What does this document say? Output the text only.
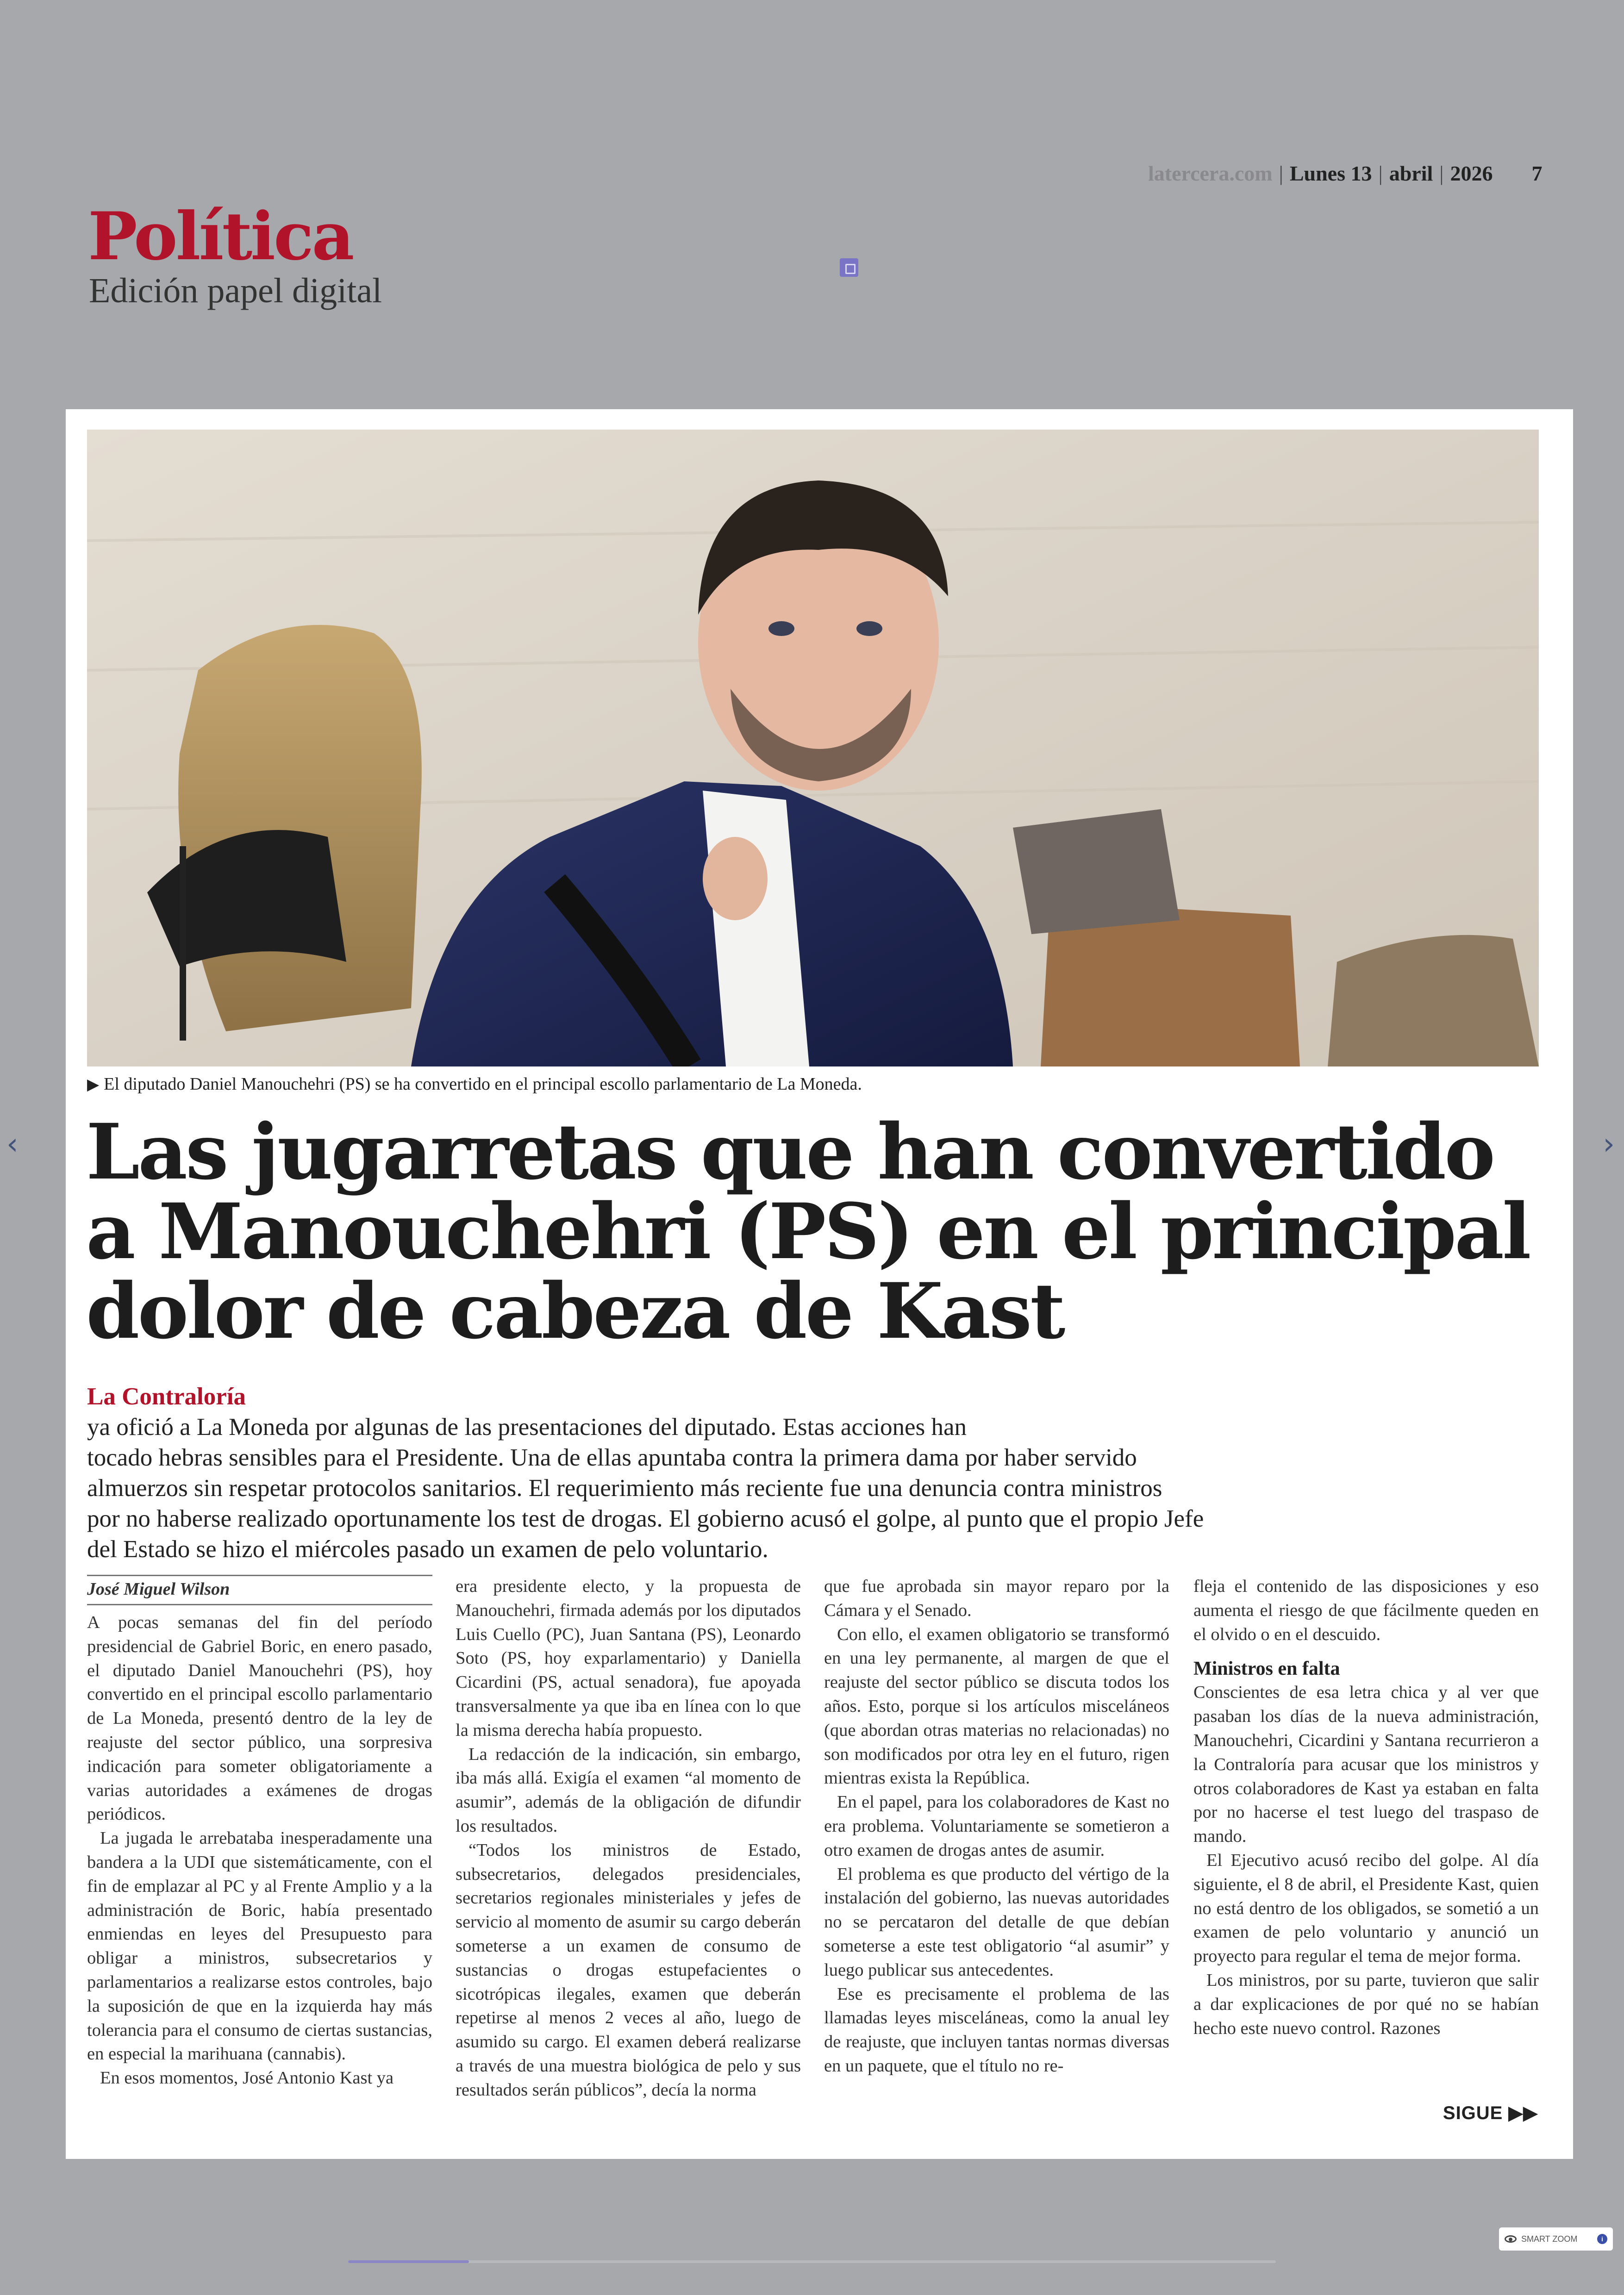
latercera.com | Lunes 13 | abril | 2026 7
Política
Edición papel digital
‹	›
▶ El diputado Daniel Manouchehri (PS) se ha convertido en el principal escollo parlamentario de La Moneda.
Las jugarretas que han convertido
a Manouchehri (PS) en el principal
dolor de cabeza de Kast
La Contraloría
ya ofició a La Moneda por algunas de las presentaciones del diputado. Estas acciones han
tocado hebras sensibles para el Presidente. Una de ellas apuntaba contra la primera dama por haber servido
almuerzos sin respetar protocolos sanitarios. El requerimiento más reciente fue una denuncia contra ministros
por no haberse realizado oportunamente los test de drogas. El gobierno acusó el golpe, al punto que el propio Jefe
del Estado se hizo el miércoles pasado un examen de pelo voluntario.
José Miguel Wilson

A pocas semanas del fin del período presidencial de Gabriel Boric, en enero pasado, el diputado Daniel Manouchehri (PS), hoy convertido en el principal escollo parlamentario de La Moneda, presentó dentro de la ley de reajuste del sector público, una sorpresiva indicación para someter obligatoriamente a varias autoridades a exámenes de drogas periódicos.

La jugada le arrebataba inesperadamente una bandera a la UDI que sistemáticamente, con el fin de emplazar al PC y al Frente Amplio y a la administración de Boric, había presentado enmiendas en leyes del Presupuesto para obligar a ministros, subsecretarios y parlamentarios a realizarse estos controles, bajo la suposición de que en la izquierda hay más tolerancia para el consumo de ciertas sustancias, en especial la marihuana (cannabis).

En esos momentos, José Antonio Kast ya

era presidente electo, y la propuesta de Manouchehri, firmada además por los diputados Luis Cuello (PC), Juan Santana (PS), Leonardo Soto (PS, hoy exparlamentario) y Daniella Cicardini (PS, actual senadora), fue apoyada transversalmente ya que iba en línea con lo que la misma derecha había propuesto.

La redacción de la indicación, sin embargo, iba más allá. Exigía el examen “al momento de asumir”, además de la obligación de difundir los resultados.

“Todos los ministros de Estado, subsecretarios, delegados presidenciales, secretarios regionales ministeriales y jefes de servicio al momento de asumir su cargo deberán someterse a un examen de consumo de sustancias o drogas estupefacientes o sicotrópicas ilegales, examen que deberán repetirse al menos 2 veces al año, luego de asumido su cargo. El examen deberá realizarse a través de una muestra biológica de pelo y sus resultados serán públicos”, decía la norma

que fue aprobada sin mayor reparo por la Cámara y el Senado.

Con ello, el examen obligatorio se transformó en una ley permanente, al margen de que el reajuste del sector público se discuta todos los años. Esto, porque si los artículos misceláneos (que abordan otras materias no relacionadas) no son modificados por otra ley en el futuro, rigen mientras exista la República.

En el papel, para los colaboradores de Kast no era problema. Voluntariamente se sometieron a otro examen de drogas antes de asumir.

El problema es que producto del vértigo de la instalación del gobierno, las nuevas autoridades no se percataron del detalle de que debían someterse a este test obligatorio “al asumir” y luego publicar sus antecedentes.

Ese es precisamente el problema de las llamadas leyes misceláneas, como la anual ley de reajuste, que incluyen tantas normas diversas en un paquete, que el título no re-

fleja el contenido de las disposiciones y eso aumenta el riesgo de que fácilmente queden en el olvido o en el descuido.

Ministros en falta

Conscientes de esa letra chica y al ver que pasaban los días de la nueva administración, Manouchehri, Cicardini y Santana recurrieron a la Contraloría para acusar que los ministros y otros colaboradores de Kast ya estaban en falta por no hacerse el test luego del traspaso de mando.

El Ejecutivo acusó recibo del golpe. Al día siguiente, el 8 de abril, el Presidente Kast, quien no está dentro de los obligados, se sometió a un examen de pelo voluntario y anunció un proyecto para regular el tema de mejor forma.

Los ministros, por su parte, tuvieron que salir a dar explicaciones de por qué no se habían hecho este nuevo control. Razones

SIGUE ▶▶
SMART ZOOM	i
